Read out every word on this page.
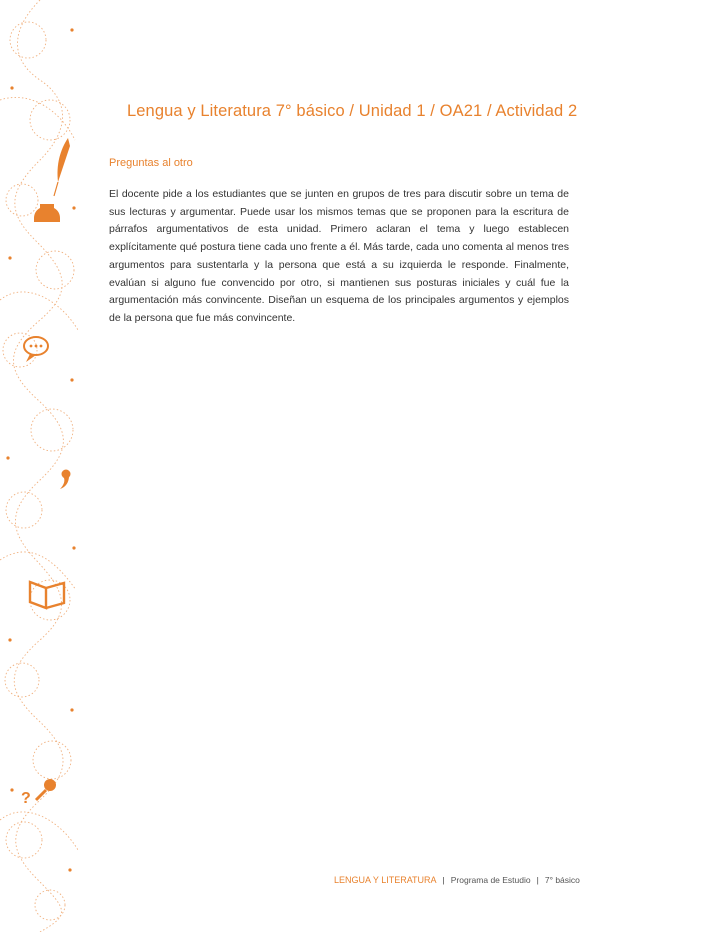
?
Lengua y Literatura 7° básico / Unidad 1 / OA21 / Actividad 2
Preguntas al otro

El docente pide a los estudiantes que se junten en grupos de tres para discutir sobre un tema de sus lecturas y argumentar. Puede usar los mismos temas que se proponen para la escritura de párrafos argumentativos de esta unidad. Primero aclaran el tema y luego establecen explícitamente qué postura tiene cada uno frente a él. Más tarde, cada uno comenta al menos tres argumentos para sustentarla y la persona que está a su izquierda le responde. Finalmente, evalúan si alguno fue convencido por otro, si mantienen sus posturas iniciales y cuál fue la argumentación más convincente. Diseñan un esquema de los principales argumentos y ejemplos de la persona que fue más convincente.

LENGUA Y LITERATURA | Programa de Estudio | 7° básico
